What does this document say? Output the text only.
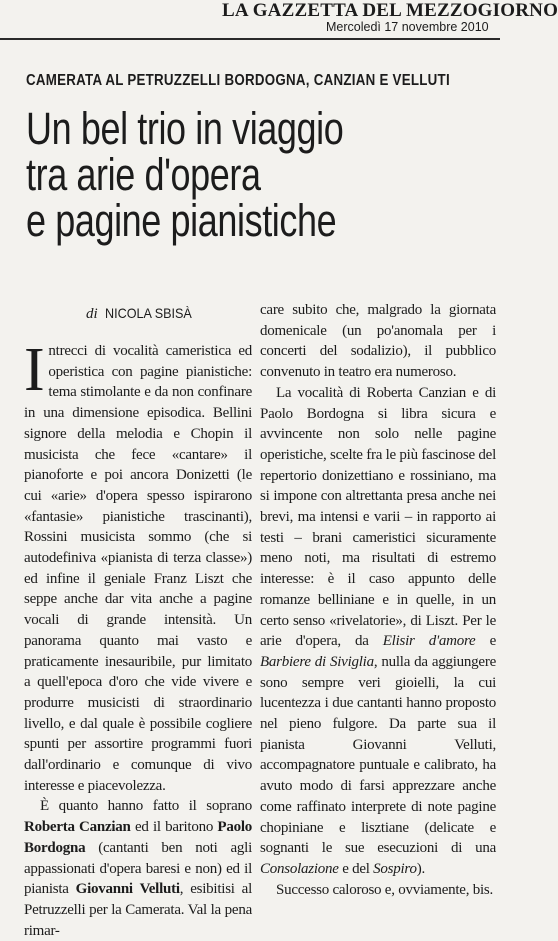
LA GAZZETTA DEL MEZZOGIORNO
Mercoledì 17 novembre 2010
CAMERATA AL PETRUZZELLI BORDOGNA, CANZIAN E VELLUTI
Un bel trio in viaggio
tra arie d'opera
e pagine pianistiche
di NICOLA SBISÀ

Intrecci di vocalità cameristica ed operistica con pagine pianistiche: tema stimolante e da non confinare in una dimensione episodica. Bellini signore della melodia e Chopin il musicista che fece «cantare» il pianoforte e poi ancora Donizetti (le cui «arie» d'opera spesso ispirarono «fantasie» pianistiche trascinanti), Rossini musicista sommo (che si autodefiniva «pianista di terza classe») ed infine il geniale Franz Liszt che seppe anche dar vita anche a pagine vocali di grande intensità. Un panorama quanto mai vasto e praticamente inesauribile, pur limitato a quell'epoca d'oro che vide vivere e produrre musicisti di straordinario livello, e dal quale è possibile cogliere spunti per assortire programmi fuori dall'ordinario e comunque di vivo interesse e piacevolezza.

È quanto hanno fatto il soprano Roberta Canzian ed il baritono Paolo Bordogna (cantanti ben noti agli appassionati d'opera baresi e non) ed il pianista Giovanni Velluti, esibitisi al Petruzzelli per la Camerata. Val la pena rimar-

care subito che, malgrado la giornata domenicale (un po'anomala per i concerti del sodalizio), il pubblico convenuto in teatro era numeroso.

La vocalità di Roberta Canzian e di Paolo Bordogna si libra sicura e avvincente non solo nelle pagine operistiche, scelte fra le più fascinose del repertorio donizettiano e rossiniano, ma si impone con altrettanta presa anche nei brevi, ma intensi e varii – in rapporto ai testi – brani cameristici sicuramente meno noti, ma risultati di estremo interesse: è il caso appunto delle romanze belliniane e in quelle, in un certo senso «rivelatorie», di Liszt. Per le arie d'opera, da Elisir d'amore e Barbiere di Siviglia, nulla da aggiungere sono sempre veri gioielli, la cui lucentezza i due cantanti hanno proposto nel pieno fulgore. Da parte sua il pianista Giovanni Velluti, accompagnatore puntuale e calibrato, ha avuto modo di farsi apprezzare anche come raffinato interprete di note pagine chopiniane e lisztiane (delicate e sognanti le sue esecuzioni di una Consolazione e del Sospiro).

Successo caloroso e, ovviamente, bis.
